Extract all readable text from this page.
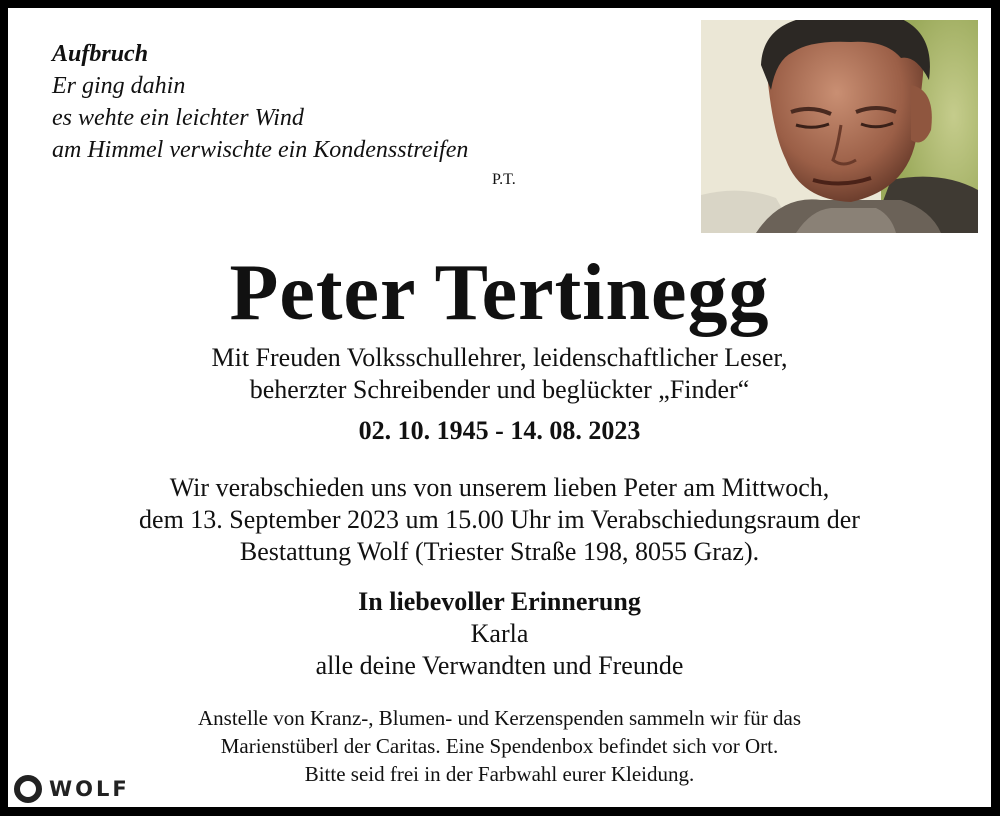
Aufbruch
Er ging dahin
es wehte ein leichter Wind
am Himmel verwischte ein Kondensstreifen
P.T.
Peter Tertinegg
Mit Freuden Volksschullehrer, leidenschaftlicher Leser,
beherzter Schreibender und beglückter „Finder“
02. 10. 1945 - 14. 08. 2023
Wir verabschieden uns von unserem lieben Peter am Mittwoch,
dem 13. September 2023 um 15.00 Uhr im Verabschiedungsraum der
Bestattung Wolf (Triester Straße 198, 8055 Graz).
In liebevoller Erinnerung
Karla
alle deine Verwandten und Freunde
Anstelle von Kranz-, Blumen- und Kerzenspenden sammeln wir für das
Marienstüberl der Caritas. Eine Spendenbox befindet sich vor Ort.
Bitte seid frei in der Farbwahl eurer Kleidung.
WOLF
